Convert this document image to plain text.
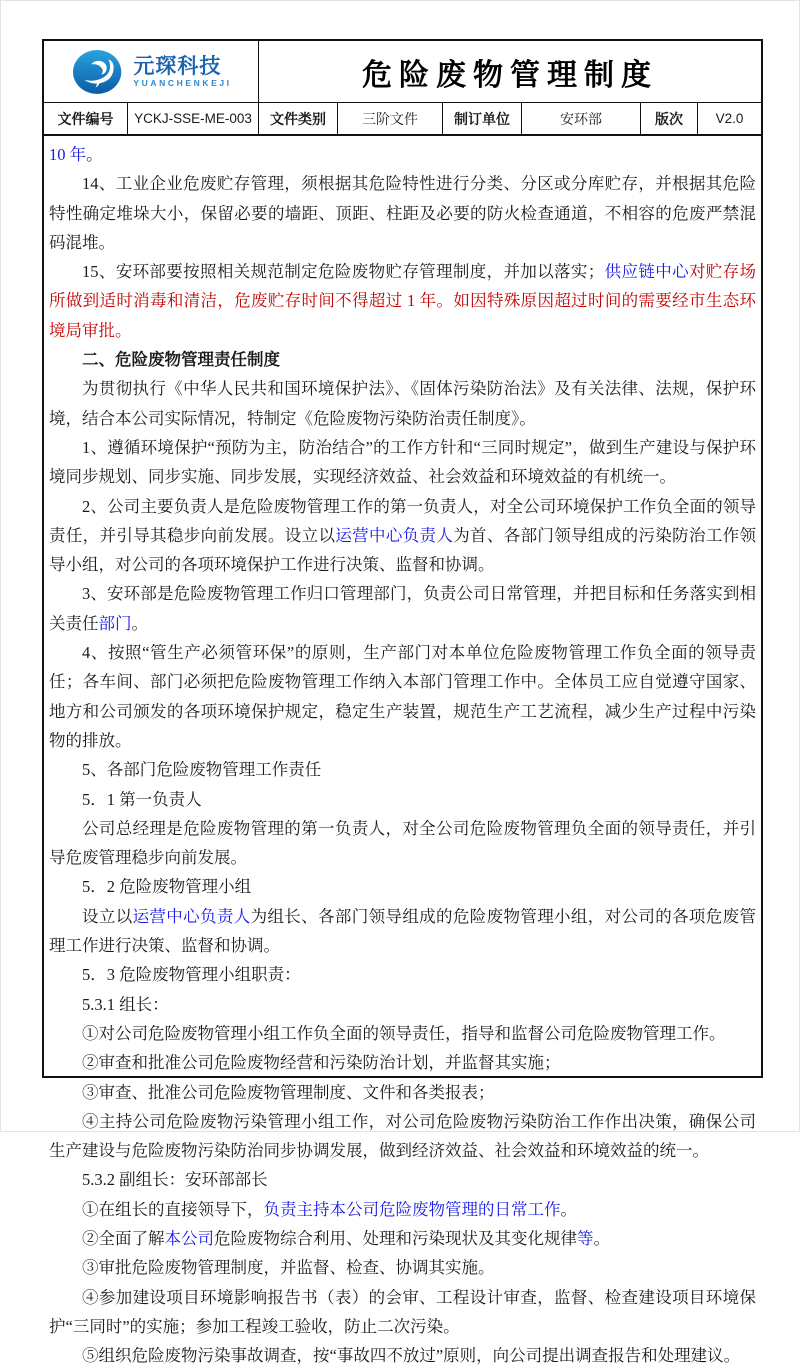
元琛科技
YUANCHENKEJI	危险废物管理制度
文件编号	YCKJ-SSE-ME-003	文件类别	三阶文件	制订单位	安环部	版次	V2.0

10 年。

14、工业企业危废贮存管理，须根据其危险特性进行分类、分区或分库贮存，并根据其危险特性确定堆垛大小，保留必要的墙距、顶距、柱距及必要的防火检查通道，不相容的危废严禁混码混堆。

15、安环部要按照相关规范制定危险废物贮存管理制度，并加以落实；供应链中心对贮存场所做到适时消毒和清洁，危废贮存时间不得超过 1 年。如因特殊原因超过时间的需要经市生态环境局审批。

二、危险废物管理责任制度

为贯彻执行《中华人民共和国环境保护法》、《固体污染防治法》及有关法律、法规，保护环境，结合本公司实际情况，特制定《危险废物污染防治责任制度》。

1、遵循环境保护“预防为主，防治结合”的工作方针和“三同时规定”，做到生产建设与保护环境同步规划、同步实施、同步发展，实现经济效益、社会效益和环境效益的有机统一。

2、公司主要负责人是危险废物管理工作的第一负责人，对全公司环境保护工作负全面的领导责任，并引导其稳步向前发展。设立以运营中心负责人为首、各部门领导组成的污染防治工作领导小组，对公司的各项环境保护工作进行决策、监督和协调。

3、安环部是危险废物管理工作归口管理部门，负责公司日常管理，并把目标和任务落实到相关责任部门。

4、按照“管生产必须管环保”的原则，生产部门对本单位危险废物管理工作负全面的领导责任；各车间、部门必须把危险废物管理工作纳入本部门管理工作中。全体员工应自觉遵守国家、地方和公司颁发的各项环境保护规定，稳定生产装置，规范生产工艺流程，减少生产过程中污染物的排放。

5、各部门危险废物管理工作责任

5．1 第一负责人

公司总经理是危险废物管理的第一负责人，对全公司危险废物管理负全面的领导责任，并引导危废管理稳步向前发展。

5．2 危险废物管理小组

设立以运营中心负责人为组长、各部门领导组成的危险废物管理小组，对公司的各项危废管理工作进行决策、监督和协调。

5．3 危险废物管理小组职责：

5.3.1 组长：

①对公司危险废物管理小组工作负全面的领导责任，指导和监督公司危险废物管理工作。

②审查和批准公司危险废物经营和污染防治计划，并监督其实施；

③审查、批准公司危险废物管理制度、文件和各类报表；

④主持公司危险废物污染管理小组工作，对公司危险废物污染防治工作作出决策，确保公司生产建设与危险废物污染防治同步协调发展，做到经济效益、社会效益和环境效益的统一。

5.3.2 副组长：安环部部长

①在组长的直接领导下，负责主持本公司危险废物管理的日常工作。

②全面了解本公司危险废物综合利用、处理和污染现状及其变化规律等。

③审批危险废物管理制度，并监督、检查、协调其实施。

④参加建设项目环境影响报告书（表）的会审、工程设计审查，监督、检查建设项目环境保护“三同时”的实施；参加工程竣工验收，防止二次污染。

⑤组织危险废物污染事故调查，按“事故四不放过”原则，向公司提出调查报告和处理建议。
